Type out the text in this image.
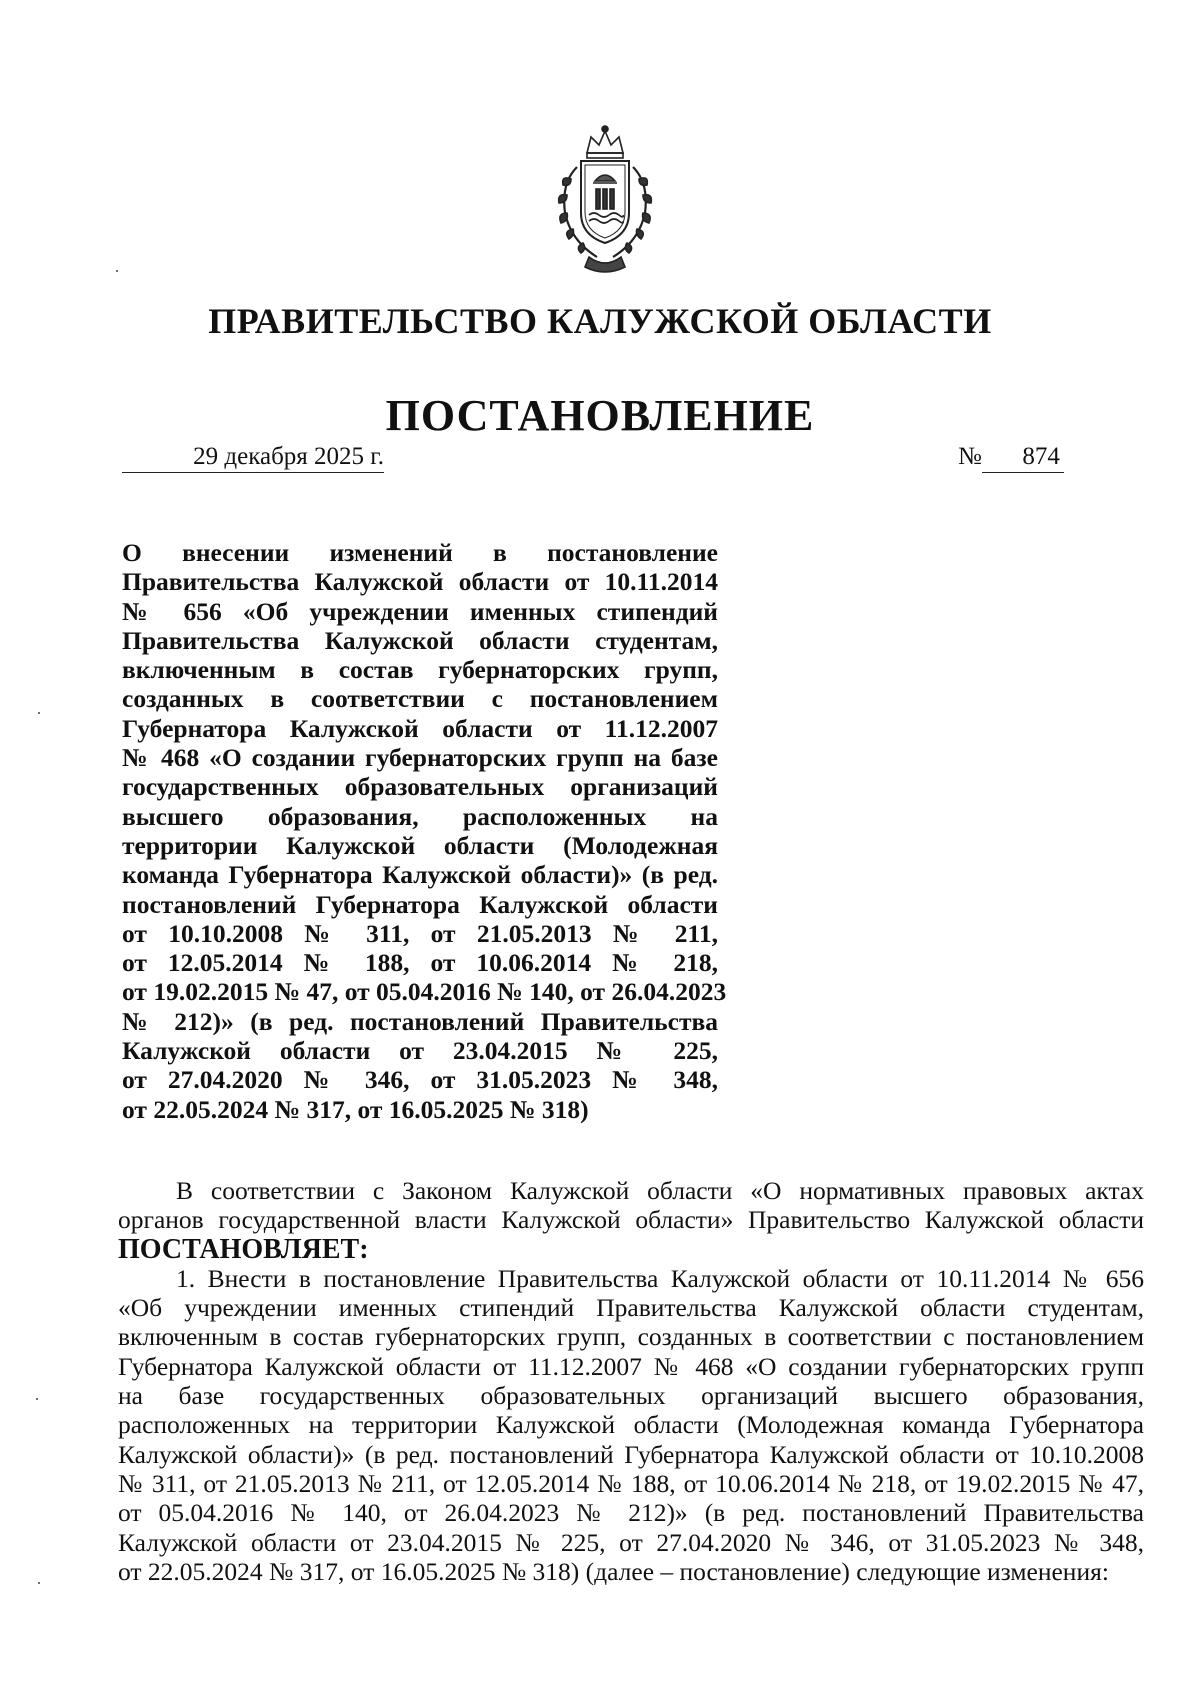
ПРАВИТЕЛЬСТВО КАЛУЖСКОЙ ОБЛАСТИ
ПОСТАНОВЛЕНИЕ
29 декабря 2025 г.	№ 874
О внесении изменений в постановление
Правительства Калужской области от 10.11.2014
№ 656 «Об учреждении именных стипендий
Правительства Калужской области студентам,
включенным в состав губернаторских групп,
созданных в соответствии с постановлением
Губернатора Калужской области от 11.12.2007
№ 468 «О создании губернаторских групп на базе
государственных образовательных организаций
высшего образования, расположенных на
территории Калужской области (Молодежная
команда Губернатора Калужской области)» (в ред.
постановлений Губернатора Калужской области
от 10.10.2008 № 311, от 21.05.2013 № 211,
от 12.05.2014 № 188, от 10.06.2014 № 218,
от 19.02.2015 № 47, от 05.04.2016 № 140, от 26.04.2023
№ 212)» (в ред. постановлений Правительства
Калужской области от 23.04.2015 № 225,
от 27.04.2020 № 346, от 31.05.2023 № 348,
от 22.05.2024 № 317, от 16.05.2025 № 318)
В соответствии с Законом Калужской области «О нормативных правовых актах
органов государственной власти Калужской области» Правительство Калужской области
ПОСТАНОВЛЯЕТ:
1. Внести в постановление Правительства Калужской области от 10.11.2014 № 656
«Об учреждении именных стипендий Правительства Калужской области студентам,
включенным в состав губернаторских групп, созданных в соответствии с постановлением
Губернатора Калужской области от 11.12.2007 № 468 «О создании губернаторских групп
на базе государственных образовательных организаций высшего образования,
расположенных на территории Калужской области (Молодежная команда Губернатора
Калужской области)» (в ред. постановлений Губернатора Калужской области от 10.10.2008
№ 311, от 21.05.2013 № 211, от 12.05.2014 № 188, от 10.06.2014 № 218, от 19.02.2015 № 47,
от 05.04.2016 № 140, от 26.04.2023 № 212)» (в ред. постановлений Правительства
Калужской области от 23.04.2015 № 225, от 27.04.2020 № 346, от 31.05.2023 № 348,
от 22.05.2024 № 317, от 16.05.2025 № 318) (далее – постановление) следующие изменения:
